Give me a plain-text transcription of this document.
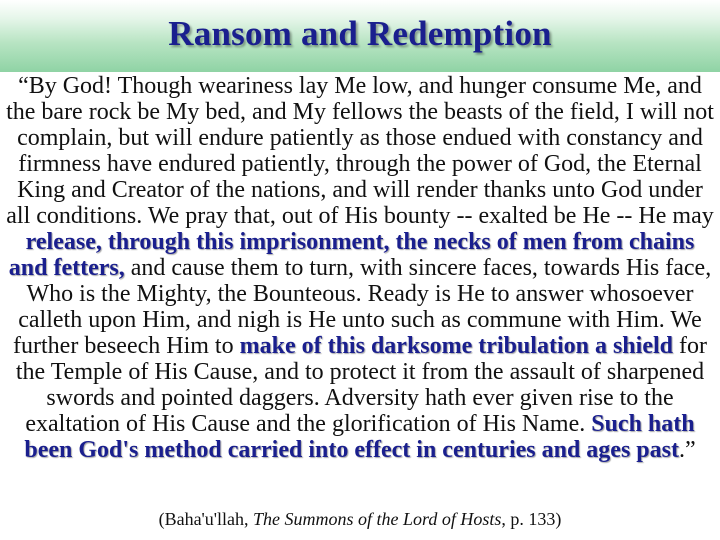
Ransom and Redemption
“By God! Though weariness lay Me low, and hunger consume Me, and the bare rock be My bed, and My fellows the beasts of the field, I will not complain, but will endure patiently as those endued with constancy and firmness have endured patiently, through the power of God, the Eternal King and Creator of the nations, and will render thanks unto God under all conditions. We pray that, out of His bounty -- exalted be He -- He may release, through this imprisonment, the necks of men from chains and fetters, and cause them to turn, with sincere faces, towards His face, Who is the Mighty, the Bounteous. Ready is He to answer whosoever calleth upon Him, and nigh is He unto such as commune with Him. We further beseech Him to make of this darksome tribulation a shield for the Temple of His Cause, and to protect it from the assault of sharpened swords and pointed daggers. Adversity hath ever given rise to the exaltation of His Cause and the glorification of His Name. Such hath been God's method carried into effect in centuries and ages past.”
(Baha'u'llah, The Summons of the Lord of Hosts, p. 133)
